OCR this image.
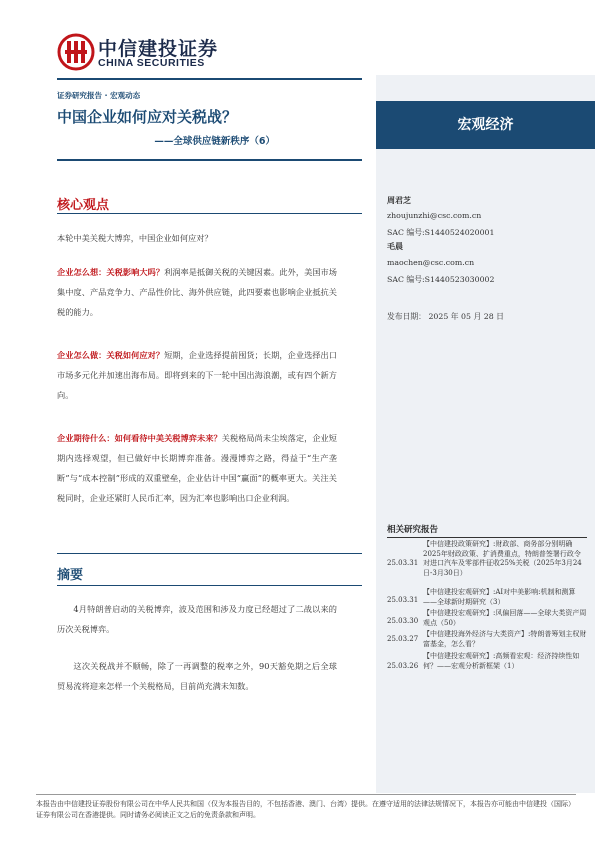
中信建投证券
CHINA SECURITIES
证券研究报告 · 宏观动态
中国企业如何应对关税战？
——全球供应链新秩序（6）
宏观经济
周君芝
zhoujunzhi@csc.com.cn
SAC 编号:S1440524020001
毛晨
maochen@csc.com.cn
SAC 编号:S1440523030002
发布日期： 2025 年 05 月 28 日
相关研究报告
25.03.31
【中信建投政策研究】:财政部、商务部分别明确2025年财政政策、扩消费重点，特朗普签署行政令对进口汽车及零部件征收25%关税（2025年3月24日-3月30日）
25.03.31
【中信建投宏观研究】:AI对中美影响:机制和测算——全球新时期研究（3）
25.03.30
【中信建投宏观研究】:风偏回落——全球大类资产周观点（50）
25.03.27
【中信建投海外经济与大类资产】:特朗普筹划主权财富基金，怎么看？
25.03.26
【中信建投宏观研究】:高频看宏观：经济持续性如何？——宏观分析新框架（1）
核心观点
本轮中美关税大博弈，中国企业如何应对？
企业怎么想：关税影响大吗？利润率是抵御关税的关键因素。此外，美国市场集中度、产品竞争力、产品性价比、海外供应链，此四要素也影响企业抵抗关税的能力。
企业怎么做：关税如何应对？短期，企业选择提前囤货；长期，企业选择出口市场多元化并加速出海布局。即将到来的下一轮中国出海浪潮，或有四个新方向。
企业期待什么：如何看待中美关税博弈未来？关税格局尚未尘埃落定，企业短期内选择观望，但已做好中长期博弈准备。漫漫博弈之路，得益于“生产垄断”与“成本控制”形成的双重壁垒，企业估计中国“赢面”的概率更大。关注关税同时，企业还紧盯人民币汇率，因为汇率也影响出口企业利润。
摘要
4月特朗普启动的关税博弈，波及范围和涉及力度已经超过了二战以来的历次关税博弈。
这次关税战并不顺畅，除了一再调整的税率之外，90天豁免期之后全球贸易流将迎来怎样一个关税格局，目前尚充满未知数。
本报告由中信建投证券股份有限公司在中华人民共和国（仅为本报告目的，不包括香港、澳门、台湾）提供。在遵守适用的法律法规情况下，本报告亦可能由中信建投（国际）证券有限公司在香港提供。同时请务必阅读正文之后的免责条款和声明。
